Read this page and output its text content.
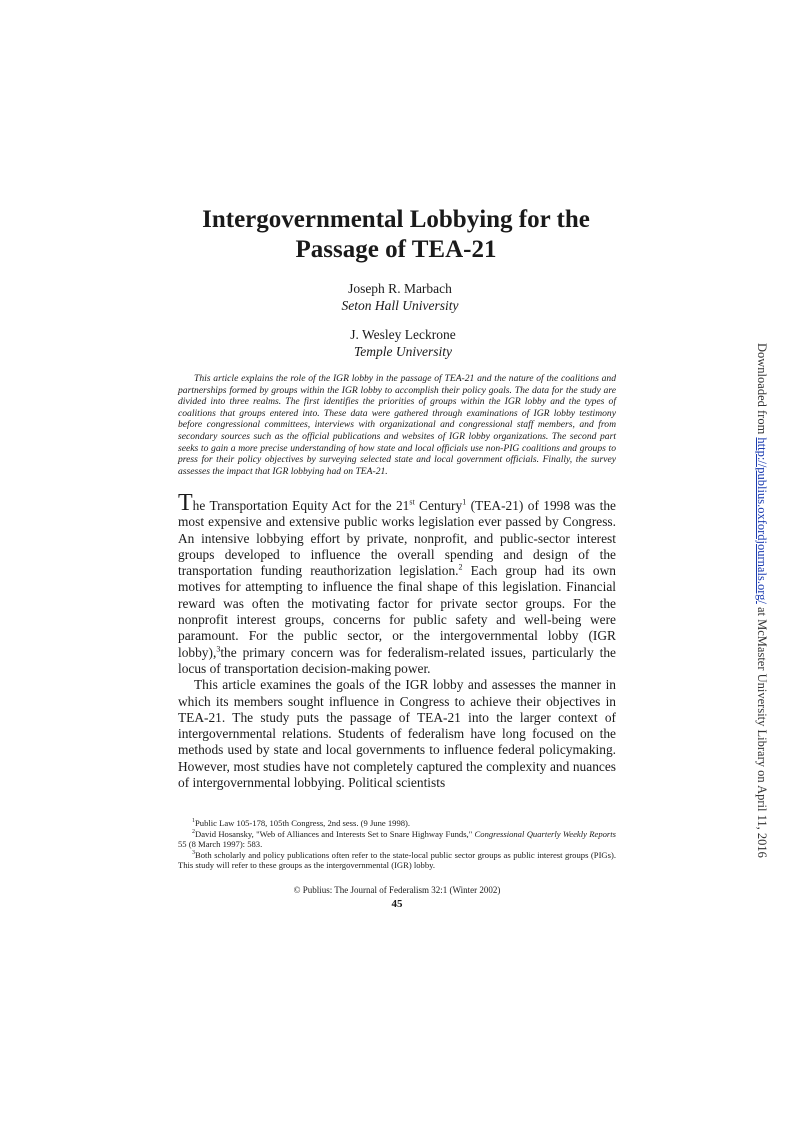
Intergovernmental Lobbying for the
Passage of TEA-21
Joseph R. Marbach
Seton Hall University
J. Wesley Leckrone
Temple University

This article explains the role of the IGR lobby in the passage of TEA-21 and the nature of the coalitions and partnerships formed by groups within the IGR lobby to accomplish their policy goals. The data for the study are divided into three realms. The first identifies the priorities of groups within the IGR lobby and the types of coalitions that groups entered into. These data were gathered through examinations of IGR lobby testimony before congressional committees, interviews with organizational and congressional staff members, and from secondary sources such as the official publications and websites of IGR lobby organizations. The second part seeks to gain a more precise understanding of how state and local officials use non-PIG coalitions and groups to press for their policy objectives by surveying selected state and local government officials. Finally, the survey assesses the impact that IGR lobbying had on TEA-21.

The Transportation Equity Act for the 21st Century$^1$ (TEA-21) of 1998 was the most expensive and extensive public works legislation ever passed by Congress. An intensive lobbying effort by private, nonprofit, and public-sector interest groups developed to influence the overall spending and design of the transportation funding reauthorization legislation.$^2$ Each group had its own motives for attempting to influence the final shape of this legislation. Financial reward was often the motivating factor for private sector groups. For the nonprofit interest groups, concerns for public safety and well-being were paramount. For the public sector, or the intergovernmental lobby (IGR lobby),$^3$the primary concern was for federalism-related issues, particularly the locus of transportation decision-making power.

This article examines the goals of the IGR lobby and assesses the manner in which its members sought influence in Congress to achieve their objectives in TEA-21. The study puts the passage of TEA-21 into the larger context of intergovernmental relations. Students of federalism have long focused on the methods used by state and local governments to influence federal policymaking. However, most studies have not completely captured the complexity and nuances of intergovernmental lobbying. Political scientists

$^1$Public Law 105-178, 105th Congress, 2nd sess. (9 June 1998).
$^2$David Hosansky, "Web of Alliances and Interests Set to Snare Highway Funds," Congressional Quarterly Weekly Reports 55 (8 March 1997): 583.
$^3$Both scholarly and policy publications often refer to the state-local public sector groups as public interest groups (PIGs). This study will refer to these groups as the intergovernmental (IGR) lobby.
© Publius: The Journal of Federalism 32:1 (Winter 2002)
45
Downloaded from http://publius.oxfordjournals.org/ at McMaster University Library on April 11, 2016
